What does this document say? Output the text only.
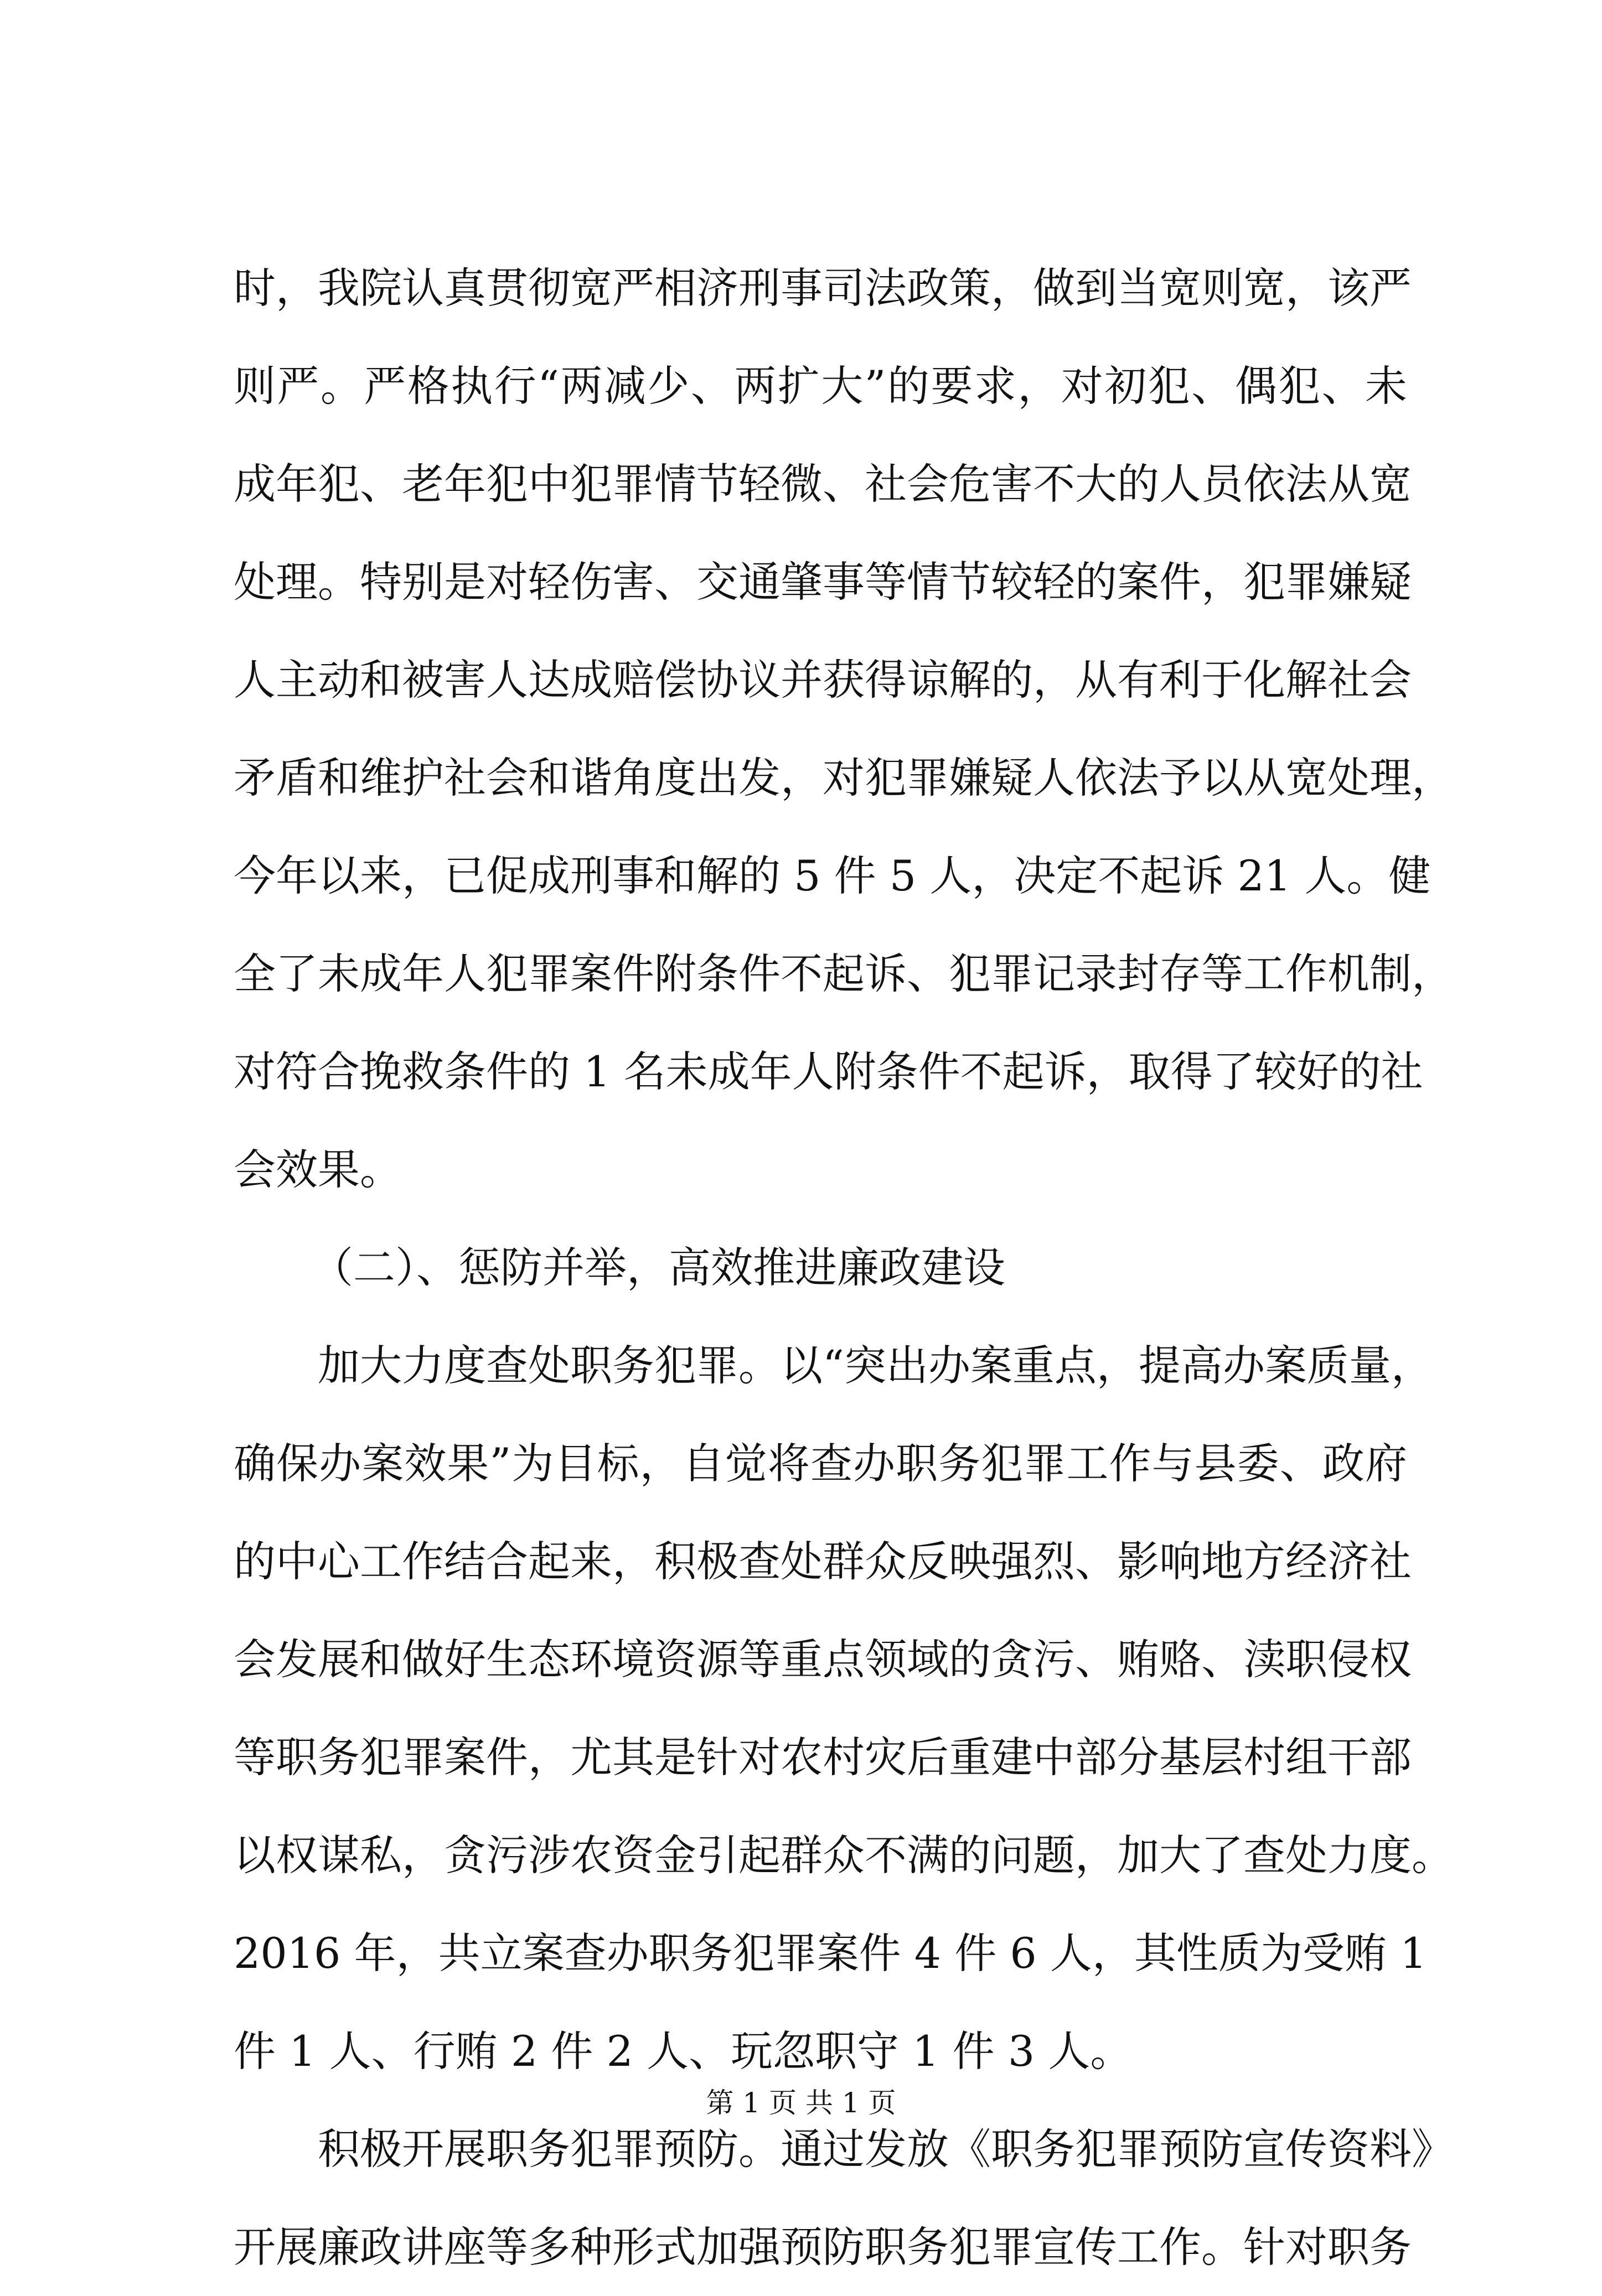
时，我院认真贯彻宽严相济刑事司法政策，做到当宽则宽，该严
则严。严格执行“两减少、两扩大”的要求，对初犯、偶犯、未
成年犯、老年犯中犯罪情节轻微、社会危害不大的人员依法从宽
处理。特别是对轻伤害、交通肇事等情节较轻的案件，犯罪嫌疑
人主动和被害人达成赔偿协议并获得谅解的，从有利于化解社会
矛盾和维护社会和谐角度出发，对犯罪嫌疑人依法予以从宽处理，
今年以来，已促成刑事和解的 5 件 5 人，决定不起诉 21 人。健
全了未成年人犯罪案件附条件不起诉、犯罪记录封存等工作机制，
对符合挽救条件的 1 名未成年人附条件不起诉，取得了较好的社
会效果。
（二）、惩防并举，高效推进廉政建设
加大力度查处职务犯罪。以“突出办案重点，提高办案质量，
确保办案效果”为目标，自觉将查办职务犯罪工作与县委、政府
的中心工作结合起来，积极查处群众反映强烈、影响地方经济社
会发展和做好生态环境资源等重点领域的贪污、贿赂、渎职侵权
等职务犯罪案件，尤其是针对农村灾后重建中部分基层村组干部
以权谋私，贪污涉农资金引起群众不满的问题，加大了查处力度。
2016 年，共立案查办职务犯罪案件 4 件 6 人，其性质为受贿 1
件 1 人、行贿 2 件 2 人、玩忽职守 1 件 3 人。
积极开展职务犯罪预防。通过发放《职务犯罪预防宣传资料》
开展廉政讲座等多种形式加强预防职务犯罪宣传工作。针对职务
第 1 页 共 1 页
